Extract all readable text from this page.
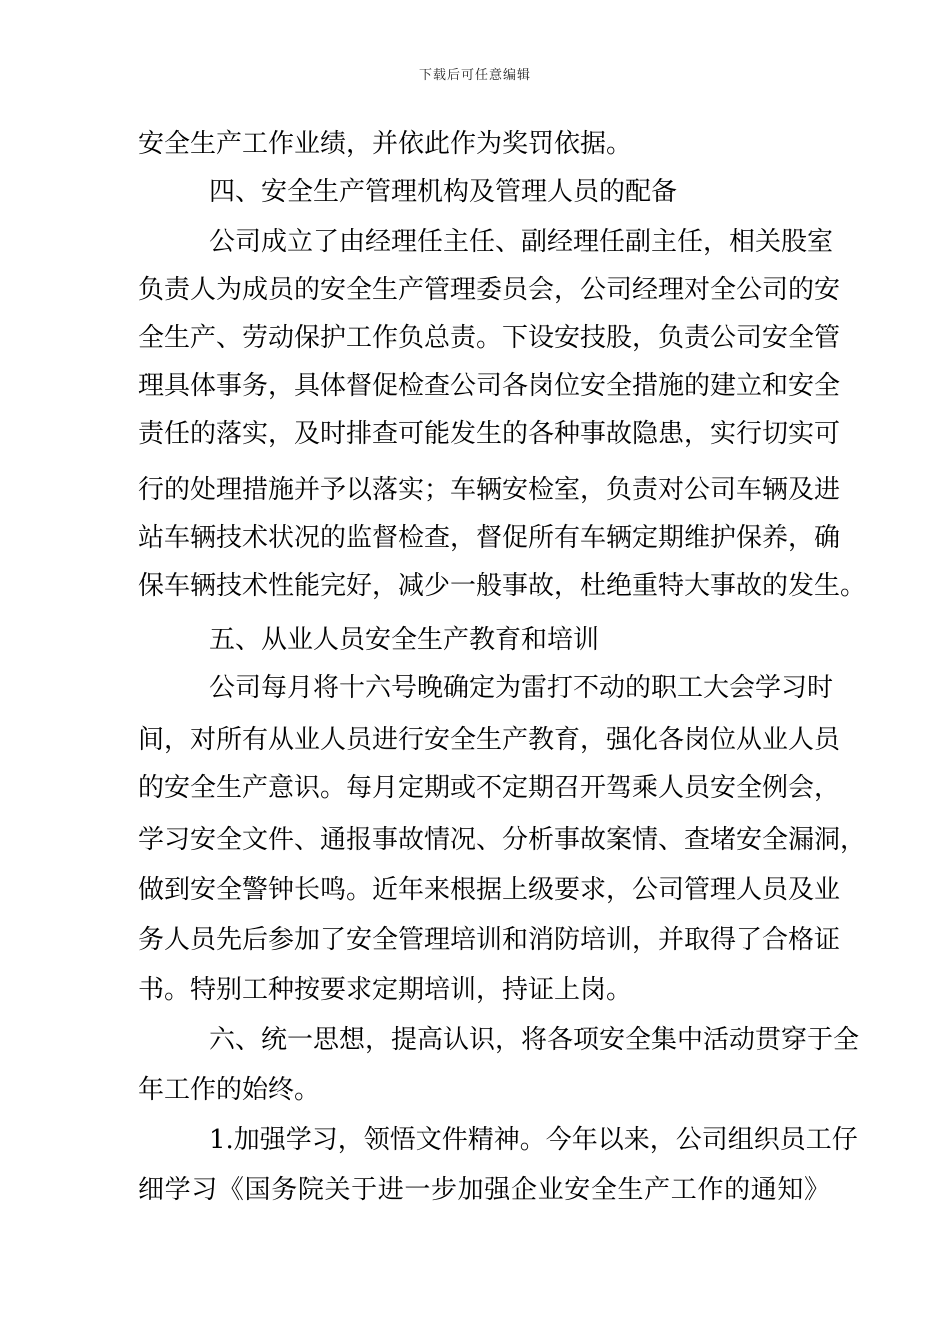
下载后可任意编辑
安全生产工作业绩，并依此作为奖罚依据。
四、安全生产管理机构及管理人员的配备
公司成立了由经理任主任、副经理任副主任，相关股室
负责人为成员的安全生产管理委员会，公司经理对全公司的安
全生产、劳动保护工作负总责。下设安技股，负责公司安全管
理具体事务，具体督促检查公司各岗位安全措施的建立和安全
责任的落实，及时排查可能发生的各种事故隐患，实行切实可
行的处理措施并予以落实；车辆安检室，负责对公司车辆及进
站车辆技术状况的监督检查，督促所有车辆定期维护保养，确
保车辆技术性能完好，减少一般事故，杜绝重特大事故的发生。
五、从业人员安全生产教育和培训
公司每月将十六号晚确定为雷打不动的职工大会学习时
间，对所有从业人员进行安全生产教育，强化各岗位从业人员
的安全生产意识。每月定期或不定期召开驾乘人员安全例会，
学习安全文件、通报事故情况、分析事故案情、查堵安全漏洞，
做到安全警钟长鸣。近年来根据上级要求，公司管理人员及业
务人员先后参加了安全管理培训和消防培训，并取得了合格证
书。特别工种按要求定期培训，持证上岗。
六、统一思想，提高认识，将各项安全集中活动贯穿于全
年工作的始终。
1.加强学习，领悟文件精神。今年以来，公司组织员工仔
细学习《国务院关于进一步加强企业安全生产工作的通知》
